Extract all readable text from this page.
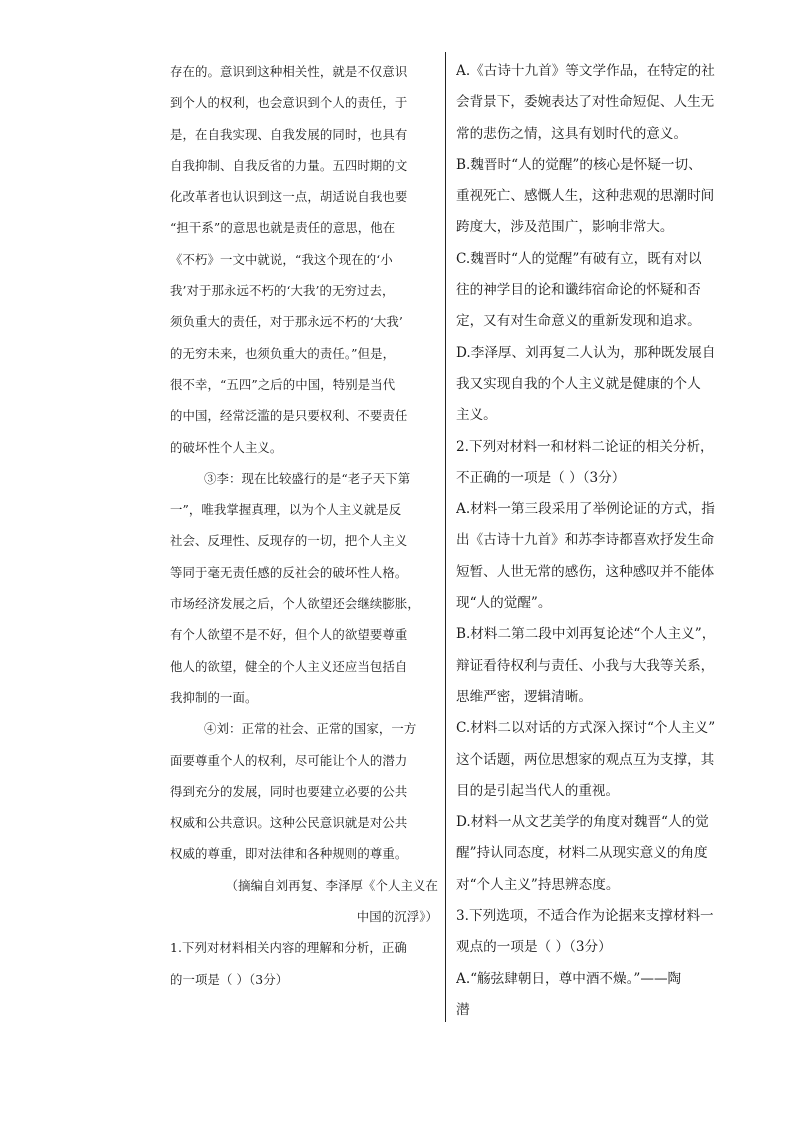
存在的。意识到这种相关性，就是不仅意识
到个人的权利，也会意识到个人的责任，于
是，在自我实现、自我发展的同时，也具有
自我抑制、自我反省的力量。五四时期的文
化改革者也认识到这一点，胡适说自我也要
“担干系”的意思也就是责任的意思，他在
《不朽》一文中就说，“我这个现在的‘小
我’对于那永远不朽的‘大我’的无穷过去，
须负重大的责任，对于那永远不朽的‘大我’
的无穷未来，也须负重大的责任。”但是，
很不幸，“五四”之后的中国，特别是当代
的中国，经常泛滥的是只要权利、不要责任
的破坏性个人主义。
③李：现在比较盛行的是“老子天下第
一”，唯我掌握真理，以为个人主义就是反
社会、反理性、反现存的一切，把个人主义
等同于毫无责任感的反社会的破坏性人格。
市场经济发展之后，个人欲望还会继续膨胀，
有个人欲望不是不好，但个人的欲望要尊重
他人的欲望，健全的个人主义还应当包括自
我抑制的一面。
④刘：正常的社会、正常的国家，一方
面要尊重个人的权利，尽可能让个人的潜力
得到充分的发展，同时也要建立必要的公共
权威和公共意识。这种公民意识就是对公共
权威的尊重，即对法律和各种规则的尊重。
（摘编自刘再复、李泽厚《个人主义在
中国的沉浮》）
1.下列对材料相关内容的理解和分析，正确
的一项是（ ）（3分）
A.《古诗十九首》等文学作品，在特定的社
会背景下，委婉表达了对性命短促、人生无
常的悲伤之情，这具有划时代的意义。
B.魏晋时“人的觉醒”的核心是怀疑一切、
重视死亡、感慨人生，这种悲观的思潮时间
跨度大，涉及范围广，影响非常大。
C.魏晋时“人的觉醒”有破有立，既有对以
往的神学目的论和谶纬宿命论的怀疑和否
定，又有对生命意义的重新发现和追求。
D.李泽厚、刘再复二人认为，那种既发展自
我又实现自我的个人主义就是健康的个人
主义。
2.下列对材料一和材料二论证的相关分析，
不正确的一项是（ ）（3分）
A.材料一第三段采用了举例论证的方式，指
出《古诗十九首》和苏李诗都喜欢抒发生命
短暂、人世无常的感伤，这种感叹并不能体
现“人的觉醒”。
B.材料二第二段中刘再复论述“个人主义”，
辩证看待权利与责任、小我与大我等关系，
思维严密，逻辑清晰。
C.材料二以对话的方式深入探讨“个人主义”
这个话题，两位思想家的观点互为支撑，其
目的是引起当代人的重视。
D.材料一从文艺美学的角度对魏晋“人的觉
醒”持认同态度，材料二从现实意义的角度
对“个人主义”持思辨态度。
3.下列选项，不适合作为论据来支撑材料一
观点的一项是（ ）（3分）
A.“觞弦肆朝日，尊中酒不燥。”——陶
潜
